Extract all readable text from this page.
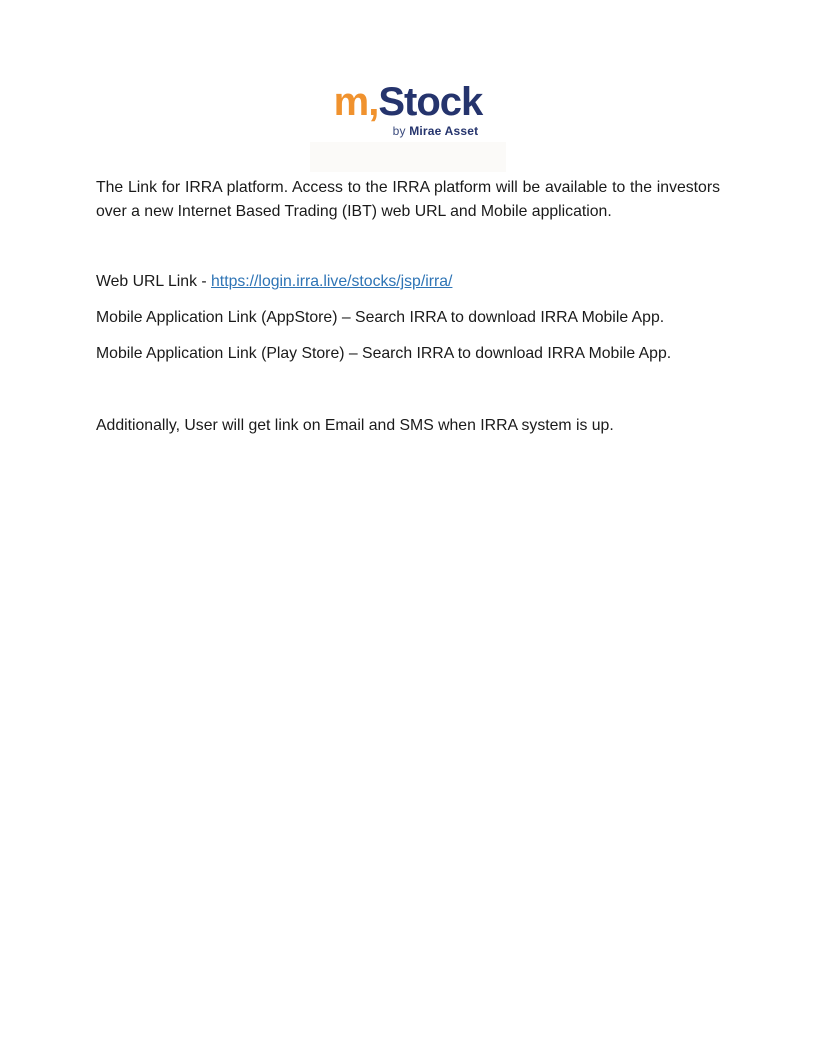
m,Stock
by Mirae Asset

The Link for IRRA platform. Access to the IRRA platform will be available to the investors over a new Internet Based Trading (IBT) web URL and Mobile application.

Web URL Link - https://login.irra.live/stocks/jsp/irra/

Mobile Application Link (AppStore) – Search IRRA to download IRRA Mobile App.

Mobile Application Link (Play Store) – Search IRRA to download IRRA Mobile App.

Additionally, User will get link on Email and SMS when IRRA system is up.
